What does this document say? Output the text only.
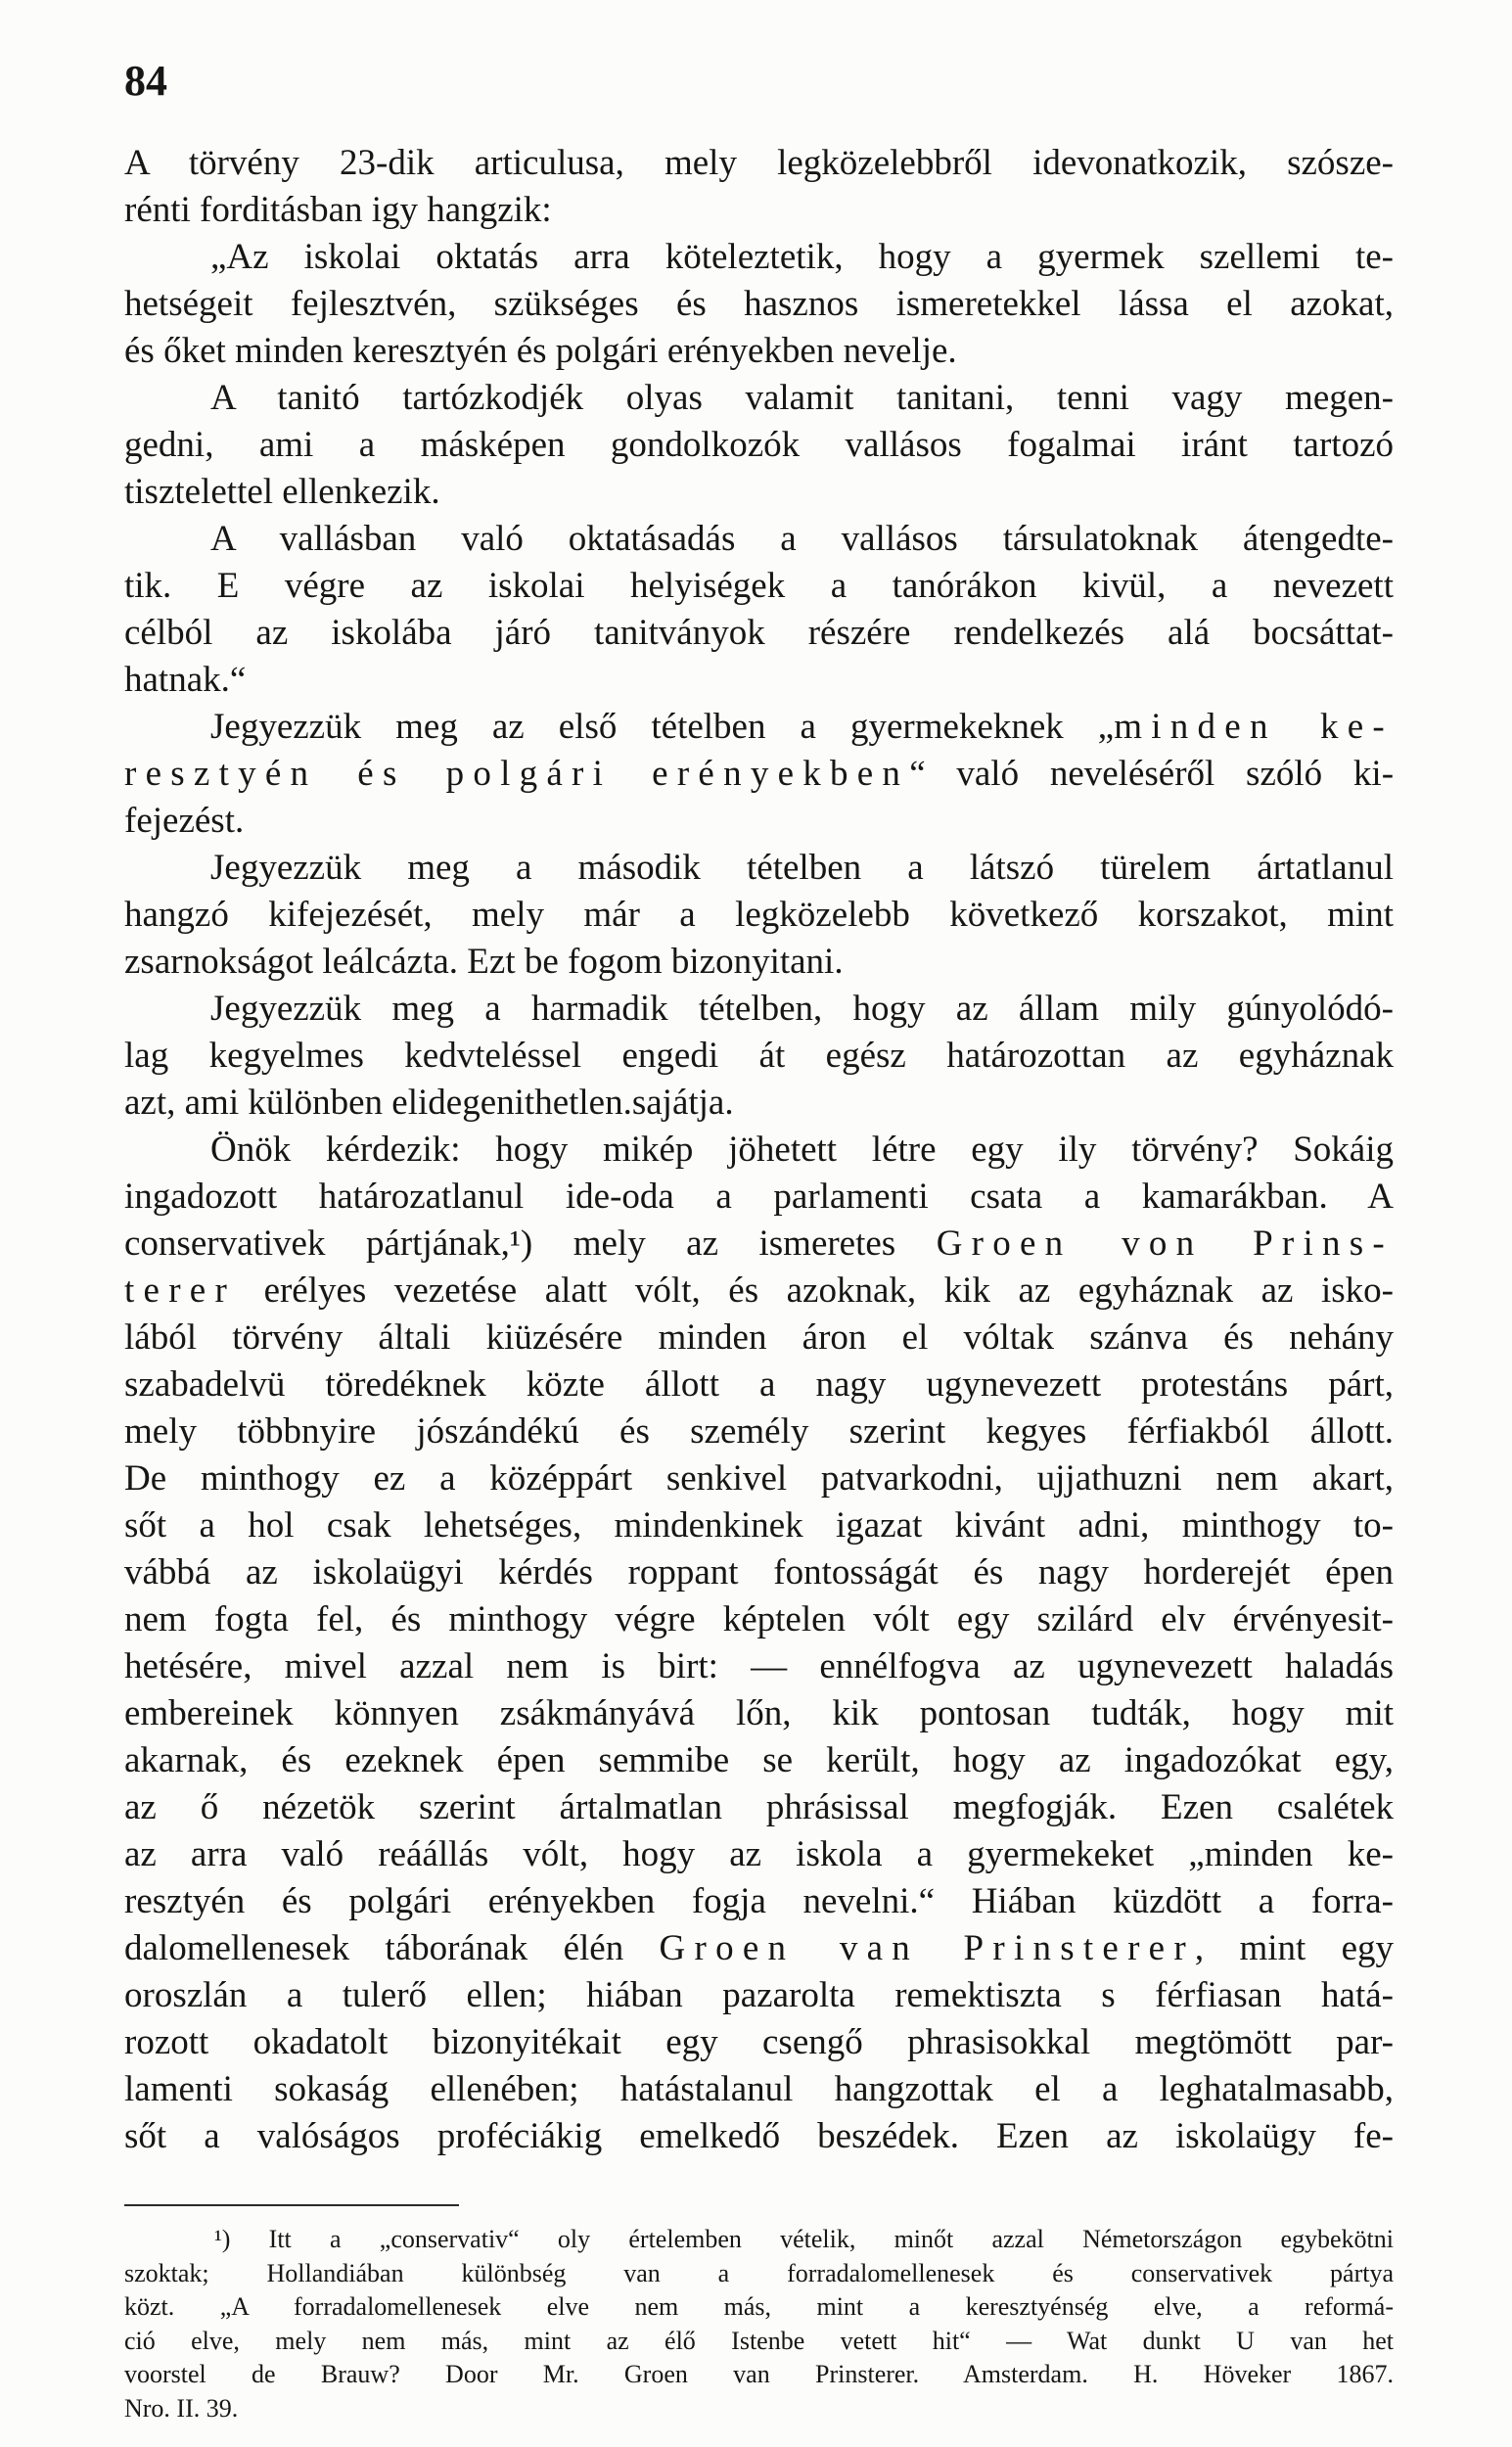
84
A törvény 23-dik articulusa, mely legközelebbről idevonatkozik, szósze-
rénti forditásban igy hangzik:
„Az iskolai oktatás arra köteleztetik, hogy a gyermek szellemi te-
hetségeit fejlesztvén, szükséges és hasznos ismeretekkel lássa el azokat,
és őket minden keresztyén és polgári erényekben nevelje.
A tanitó tartózkodjék olyas valamit tanitani, tenni vagy megen-
gedni, ami a másképen gondolkozók vallásos fogalmai iránt tartozó
tisztelettel ellenkezik.
A vallásban való oktatásadás a vallásos társulatoknak átengedte-
tik. E végre az iskolai helyiségek a tanórákon kivül, a nevezett
célból az iskolába járó tanitványok részére rendelkezés alá bocsáttat-
hatnak.“
Jegyezzük meg az első tételben a gyermekeknek „minden ke-
resztyén és polgári erényekben“ való neveléséről szóló ki-
fejezést.
Jegyezzük meg a második tételben a látszó türelem ártatlanul
hangzó kifejezését, mely már a legközelebb következő korszakot, mint
zsarnokságot leálcázta. Ezt be fogom bizonyitani.
Jegyezzük meg a harmadik tételben, hogy az állam mily gúnyolódó-
lag kegyelmes kedvteléssel engedi át egész határozottan az egyháznak
azt, ami különben elidegenithetlen.sajátja.
Önök kérdezik: hogy mikép jöhetett létre egy ily törvény? Sokáig
ingadozott határozatlanul ide-oda a parlamenti csata a kamarákban. A
conservativek pártjának,¹) mely az ismeretes Groen von Prins-
terer erélyes vezetése alatt vólt, és azoknak, kik az egyháznak az isko-
lából törvény általi kiüzésére minden áron el vóltak szánva és nehány
szabadelvü töredéknek közte állott a nagy ugynevezett protestáns párt,
mely többnyire jószándékú és személy szerint kegyes férfiakból állott.
De minthogy ez a középpárt senkivel patvarkodni, ujjathuzni nem akart,
sőt a hol csak lehetséges, mindenkinek igazat kivánt adni, minthogy to-
vábbá az iskolaügyi kérdés roppant fontosságát és nagy horderejét épen
nem fogta fel, és minthogy végre képtelen vólt egy szilárd elv érvényesit-
hetésére, mivel azzal nem is birt: — ennélfogva az ugynevezett haladás
embereinek könnyen zsákmányává lőn, kik pontosan tudták, hogy mit
akarnak, és ezeknek épen semmibe se került, hogy az ingadozókat egy,
az ő nézetök szerint ártalmatlan phrásissal megfogják. Ezen csalétek
az arra való reáállás vólt, hogy az iskola a gyermekeket „minden ke-
resztyén és polgári erényekben fogja nevelni.“ Hiában küzdött a forra-
dalomellenesek táborának élén Groen van Prinsterer, mint egy
oroszlán a tulerő ellen; hiában pazarolta remektiszta s férfiasan hatá-
rozott okadatolt bizonyitékait egy csengő phrasisokkal megtömött par-
lamenti sokaság ellenében; hatástalanul hangzottak el a leghatalmasabb,
sőt a valóságos proféciákig emelkedő beszédek. Ezen az iskolaügy fe-
¹) Itt a „conservativ“ oly értelemben vételik, minőt azzal Németországon egybekötni
szoktak; Hollandiában különbség van a forradalomellenesek és conservativek pártya
közt. „A forradalomellenesek elve nem más, mint a keresztyénség elve, a reformá-
ció elve, mely nem más, mint az élő Istenbe vetett hit“ — Wat dunkt U van het
voorstel de Brauw? Door Mr. Groen van Prinsterer. Amsterdam. H. Höveker 1867.
Nro. II. 39.
